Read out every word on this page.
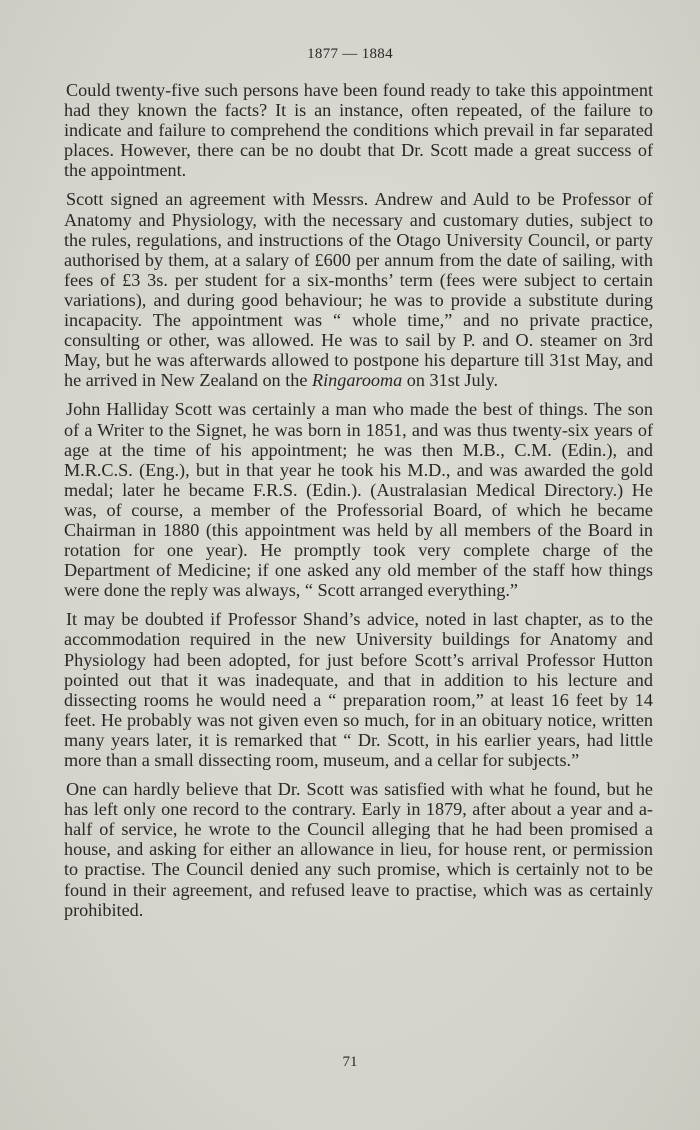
1877 — 1884

Could twenty-five such persons have been found ready to take this appointment had they known the facts? It is an instance, often repeated, of the failure to indicate and failure to comprehend the conditions which prevail in far separated places. However, there can be no doubt that Dr. Scott made a great success of the appointment.

Scott signed an agreement with Messrs. Andrew and Auld to be Professor of Anatomy and Physiology, with the necessary and customary duties, subject to the rules, regulations, and instructions of the Otago University Council, or party authorised by them, at a salary of £600 per annum from the date of sailing, with fees of £3 3s. per student for a six-months’ term (fees were subject to certain variations), and during good behaviour; he was to provide a substitute during incapacity. The appointment was “ whole time,” and no private practice, consulting or other, was allowed. He was to sail by P. and O. steamer on 3rd May, but he was afterwards allowed to postpone his departure till 31st May, and he arrived in New Zealand on the Ringarooma on 31st July.

John Halliday Scott was certainly a man who made the best of things. The son of a Writer to the Signet, he was born in 1851, and was thus twenty-six years of age at the time of his appointment; he was then M.B., C.M. (Edin.), and M.R.C.S. (Eng.), but in that year he took his M.D., and was awarded the gold medal; later he became F.R.S. (Edin.). (Australasian Medical Directory.) He was, of course, a member of the Professorial Board, of which he became Chairman in 1880 (this appointment was held by all members of the Board in rotation for one year). He promptly took very complete charge of the Department of Medicine; if one asked any old member of the staff how things were done the reply was always, “ Scott arranged everything.”

It may be doubted if Professor Shand’s advice, noted in last chapter, as to the accommodation required in the new University buildings for Anatomy and Physiology had been adopted, for just before Scott’s arrival Professor Hutton pointed out that it was inadequate, and that in addition to his lecture and dissecting rooms he would need a “ preparation room,” at least 16 feet by 14 feet. He probably was not given even so much, for in an obituary notice, written many years later, it is remarked that “ Dr. Scott, in his earlier years, had little more than a small dissecting room, museum, and a cellar for subjects.”

One can hardly believe that Dr. Scott was satisfied with what he found, but he has left only one record to the contrary. Early in 1879, after about a year and a-half of service, he wrote to the Council alleging that he had been promised a house, and asking for either an allowance in lieu, for house rent, or permission to practise. The Council denied any such promise, which is certainly not to be found in their agreement, and refused leave to practise, which was as certainly prohibited.

71
